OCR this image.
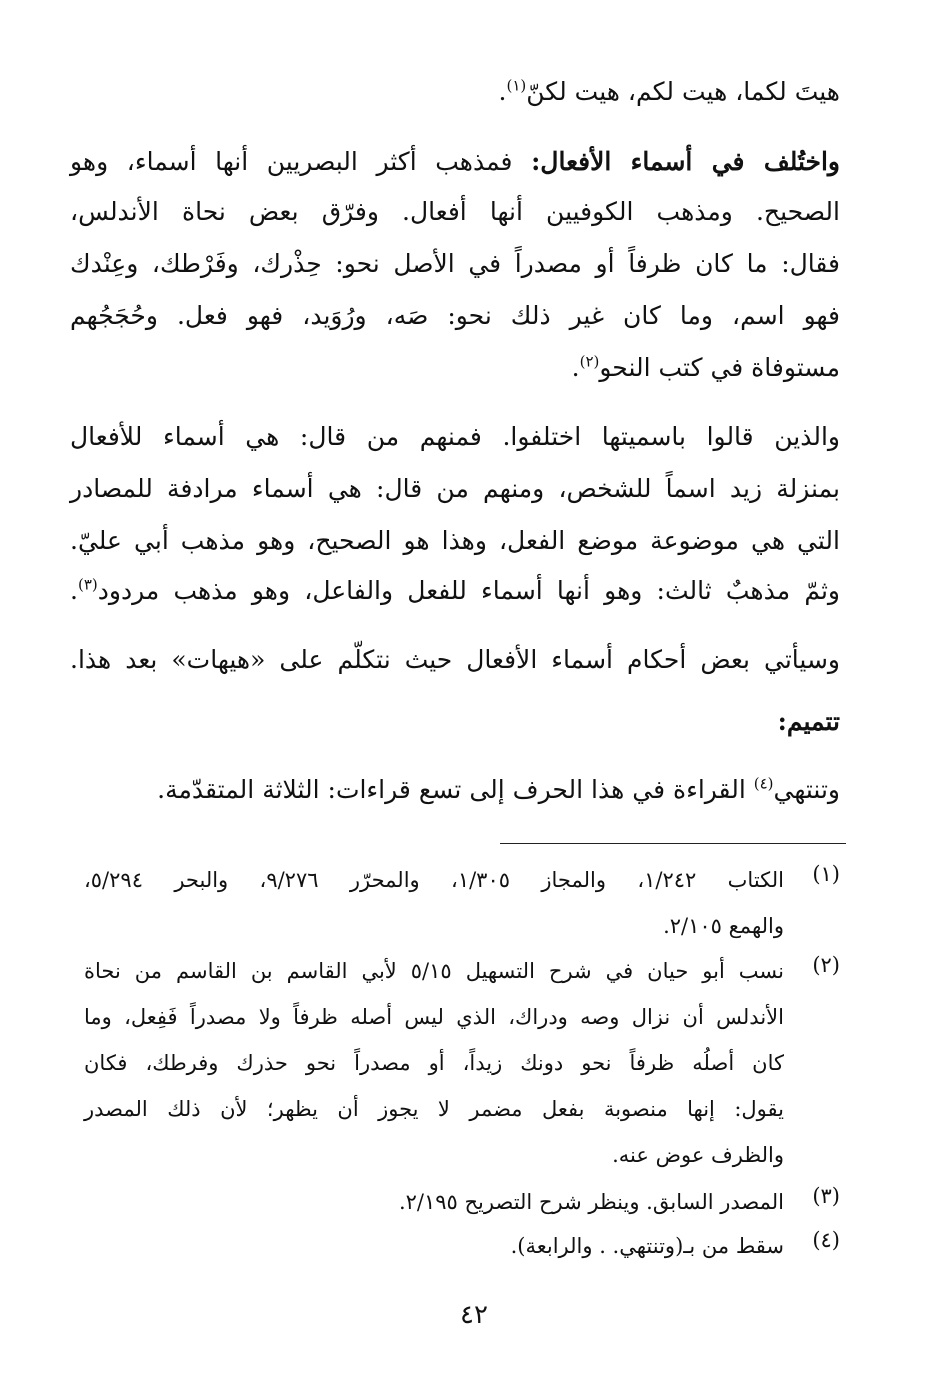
هيتَ لكما، هيت لكم، هيت لكنّ$^{(١)}$.
واختُلف في أسماء الأفعال: فمذهب أكثر البصريين أنها أسماء، وهو
الصحيح. ومذهب الكوفيين أنها أفعال. وفرّق بعض نحاة الأندلس،
فقال: ما كان ظرفاً أو مصدراً في الأصل نحو: حِذْرك، وفَرْطك، وعِنْدك
فهو اسم، وما كان غير ذلك نحو: صَه، ورُوَيد، فهو فعل. وحُجَجُهم
مستوفاة في كتب النحو$^{(٢)}$.
والذين قالوا باسميتها اختلفوا. فمنهم من قال: هي أسماء للأفعال
بمنزلة زيد اسماً للشخص، ومنهم من قال: هي أسماء مرادفة للمصادر
التي هي موضوعة موضع الفعل، وهذا هو الصحيح، وهو مذهب أبي عليّ.
وثمّ مذهبٌ ثالث: وهو أنها أسماء للفعل والفاعل، وهو مذهب مردود$^{(٣)}$.
وسيأتي بعض أحكام أسماء الأفعال حيث نتكلّم على «هيهات» بعد هذا.
تتميم:
وتنتهي$^{(٤)}$ القراءة في هذا الحرف إلى تسع قراءات: الثلاثة المتقدّمة.
(١)
الكتاب ١/٢٤٢، والمجاز ١/٣٠٥، والمحرّر ٩/٢٧٦، والبحر ٥/٢٩٤،
والهمع ٢/١٠٥.
(٢)
نسب أبو حيان في شرح التسهيل ٥/١٥ لأبي القاسم بن القاسم من نحاة
الأندلس أن نزال وصه ودراك، الذي ليس أصله ظرفاً ولا مصدراً فَفِعل، وما
كان أصلُه ظرفاً نحو دونك زيداً، أو مصدراً نحو حذرك وفرطك، فكان
يقول: إنها منصوبة بفعل مضمر لا يجوز أن يظهر؛ لأن ذلك المصدر
والظرف عوض عنه.
(٣)
المصدر السابق. وينظر شرح التصريح ٢/١٩٥.
(٤)
سقط من بـ(وتنتهي. . والرابعة).
٤٢
